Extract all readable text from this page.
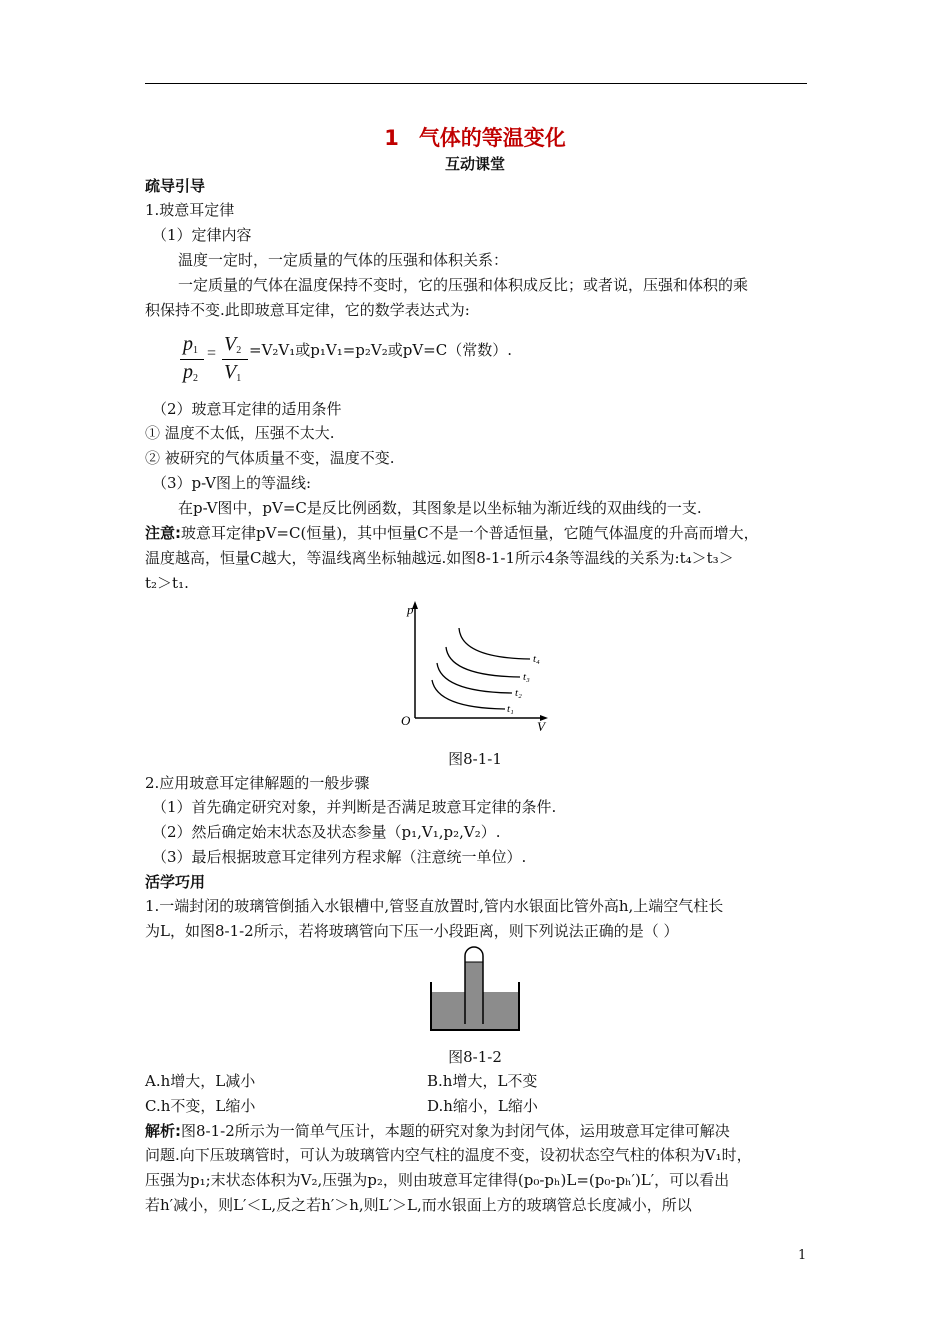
1 气体的等温变化
互动课堂
疏导引导
1.玻意耳定律
（1）定律内容
温度一定时，一定质量的气体的压强和体积关系：
一定质量的气体在温度保持不变时，它的压强和体积成反比；或者说，压强和体积的乘
积保持不变.此即玻意耳定律，它的数学表达式为:
$p_1$
$p_2$
= $V_2$
$V_1$
=V₂V₁或p₁V₁=p₂V₂或pV=C（常数）.
（2）玻意耳定律的适用条件
① 温度不太低，压强不太大.
② 被研究的气体质量不变，温度不变.
（3）p-V图上的等温线:
在p-V图中，pV=C是反比例函数，其图象是以坐标轴为渐近线的双曲线的一支.
注意:玻意耳定律pV=C(恒量)，其中恒量C不是一个普适恒量，它随气体温度的升高而增大，
温度越高，恒量C越大，等温线离坐标轴越远.如图8-1-1所示4条等温线的关系为:t₄＞t₃＞
t₂＞t₁.
p
V
O
t₄
t₃
t₂
t₁
图8-1-1
2.应用玻意耳定律解题的一般步骤
（1）首先确定研究对象，并判断是否满足玻意耳定律的条件.
（2）然后确定始末状态及状态参量（p₁,V₁,p₂,V₂）.
（3）最后根据玻意耳定律列方程求解（注意统一单位）.
活学巧用
1.一端封闭的玻璃管倒插入水银槽中,管竖直放置时,管内水银面比管外高h,上端空气柱长
为L，如图8-1-2所示，若将玻璃管向下压一小段距离，则下列说法正确的是（ ）
图8-1-2
A.h增大，L减小	B.h增大，L不变
C.h不变，L缩小	D.h缩小，L缩小
解析:图8-1-2所示为一简单气压计，本题的研究对象为封闭气体，运用玻意耳定律可解决
问题.向下压玻璃管时，可认为玻璃管内空气柱的温度不变，设初状态空气柱的体积为V₁时，
压强为p₁;末状态体积为V₂,压强为p₂，则由玻意耳定律得(p₀-pₕ)L=(p₀-pₕ′)L′，可以看出
若h′减小，则L′＜L,反之若h′＞h,则L′＞L,而水银面上方的玻璃管总长度减小，所以
1
